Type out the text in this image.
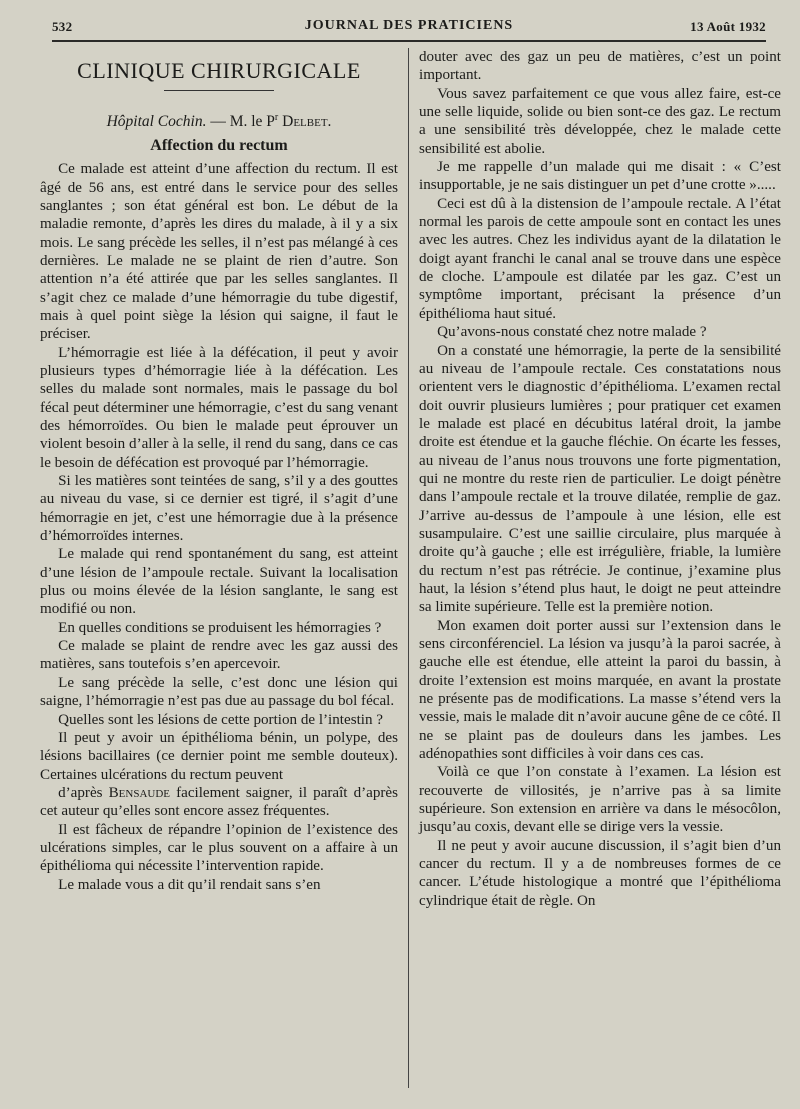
532	JOURNAL DES PRATICIENS	13 Août 1932

CLINIQUE CHIRURGICALE

Hôpital Cochin. — M. le $P^r$ Delbet.

Affection du rectum

Ce malade est atteint d’une affection du rectum. Il est âgé de 56 ans, est entré dans le service pour des selles sanglantes ; son état général est bon. Le début de la maladie remonte, d’après les dires du malade, à il y a six mois. Le sang précède les selles, il n’est pas mélangé à ces dernières. Le malade ne se plaint de rien d’autre. Son attention n’a été attirée que par les selles sanglantes. Il s’agit chez ce malade d’une hémorragie du tube digestif, mais à quel point siège la lésion qui saigne, il faut le préciser.

L’hémorragie est liée à la défécation, il peut y avoir plusieurs types d’hémorragie liée à la défécation. Les selles du malade sont normales, mais le passage du bol fécal peut déterminer une hémorragie, c’est du sang venant des hémorroïdes. Ou bien le malade peut éprouver un violent besoin d’aller à la selle, il rend du sang, dans ce cas le besoin de défécation est provoqué par l’hémorragie.

Si les matières sont teintées de sang, s’il y a des gouttes au niveau du vase, si ce dernier est tigré, il s’agit d’une hémorragie en jet, c’est une hémorragie due à la présence d’hémorroïdes internes.

Le malade qui rend spontanément du sang, est atteint d’une lésion de l’ampoule rectale. Suivant la localisation plus ou moins élevée de la lésion sanglante, le sang est modifié ou non.

En quelles conditions se produisent les hémorragies ?

Ce malade se plaint de rendre avec les gaz aussi des matières, sans toutefois s’en apercevoir.

Le sang précède la selle, c’est donc une lésion qui saigne, l’hémorragie n’est pas due au passage du bol fécal.

Quelles sont les lésions de cette portion de l’intestin ?

Il peut y avoir un épithélioma bénin, un polype, des lésions bacillaires (ce dernier point me semble douteux). Certaines ulcérations du rectum peuvent

d’après Bensaude facilement saigner, il paraît d’après cet auteur qu’elles sont encore assez fréquentes.

Il est fâcheux de répandre l’opinion de l’existence des ulcérations simples, car le plus souvent on a affaire à un épithélioma qui nécessite l’intervention rapide.

Le malade vous a dit qu’il rendait sans s’en

douter avec des gaz un peu de matières, c’est un point important.

Vous savez parfaitement ce que vous allez faire, est-ce une selle liquide, solide ou bien sont-ce des gaz. Le rectum a une sensibilité très développée, chez le malade cette sensibilité est abolie.

Je me rappelle d’un malade qui me disait : « C’est insupportable, je ne sais distinguer un pet d’une crotte ».....

Ceci est dû à la distension de l’ampoule rectale. A l’état normal les parois de cette ampoule sont en contact les unes avec les autres. Chez les individus ayant de la dilatation le doigt ayant franchi le canal anal se trouve dans une espèce de cloche. L’ampoule est dilatée par les gaz. C’est un symptôme important, précisant la présence d’un épithélioma haut situé.

Qu’avons-nous constaté chez notre malade ?

On a constaté une hémorragie, la perte de la sensibilité au niveau de l’ampoule rectale. Ces constatations nous orientent vers le diagnostic d’épithélioma. L’examen rectal doit ouvrir plusieurs lumières ; pour pratiquer cet examen le malade est placé en décubitus latéral droit, la jambe droite est étendue et la gauche fléchie. On écarte les fesses, au niveau de l’anus nous trouvons une forte pigmentation, qui ne montre du reste rien de particulier. Le doigt pénètre dans l’ampoule rectale et la trouve dilatée, remplie de gaz. J’arrive au-dessus de l’ampoule à une lésion, elle est susampulaire. C’est une saillie circulaire, plus marquée à droite qu’à gauche ; elle est irrégulière, friable, la lumière du rectum n’est pas rétrécie. Je continue, j’examine plus haut, la lésion s’étend plus haut, le doigt ne peut atteindre sa limite supérieure. Telle est la première notion.

Mon examen doit porter aussi sur l’extension dans le sens circonférenciel. La lésion va jusqu’à la paroi sacrée, à gauche elle est étendue, elle atteint la paroi du bassin, à droite l’extension est moins marquée, en avant la prostate ne présente pas de modifications. La masse s’étend vers la vessie, mais le malade dit n’avoir aucune gêne de ce côté. Il ne se plaint pas de douleurs dans les jambes. Les adénopathies sont difficiles à voir dans ces cas.

Voilà ce que l’on constate à l’examen. La lésion est recouverte de villosités, je n’arrive pas à sa limite supérieure. Son extension en arrière va dans le mésocôlon, jusqu’au coxis, devant elle se dirige vers la vessie.

Il ne peut y avoir aucune discussion, il s’agit bien d’un cancer du rectum. Il y a de nombreuses formes de ce cancer. L’étude histologique a montré que l’épithélioma cylindrique était de règle. On
